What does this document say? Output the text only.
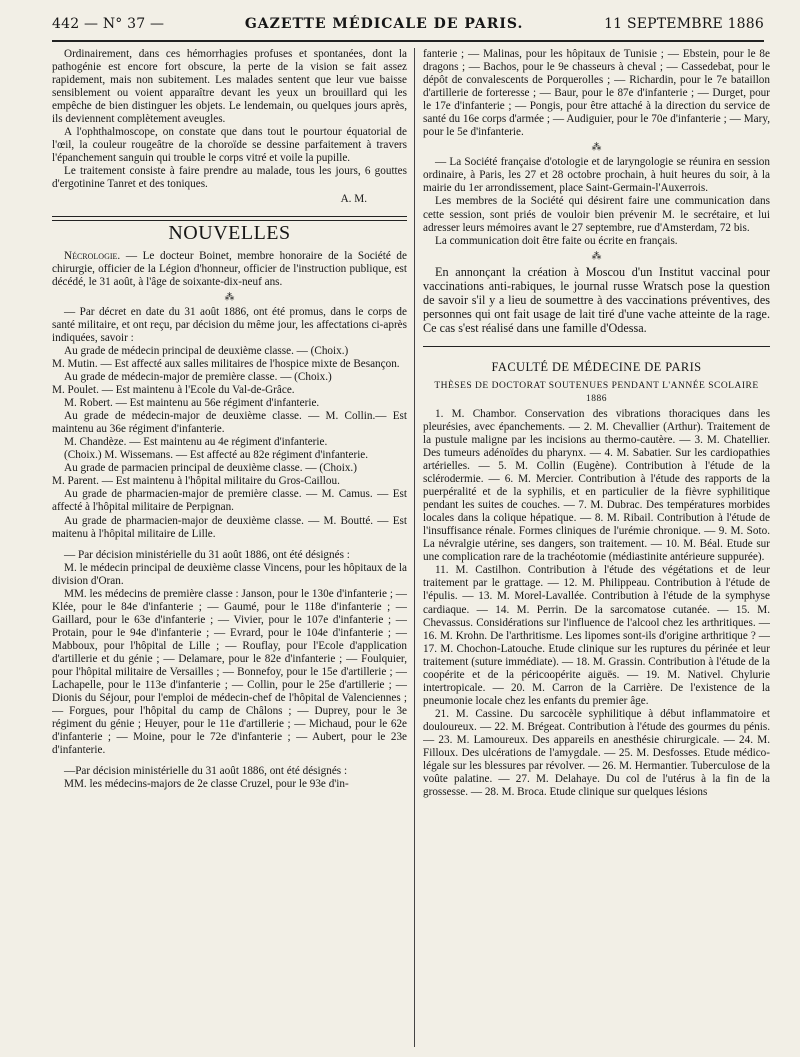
442 — N° 37 —	GAZETTE MÉDICALE DE PARIS.	11 SEPTEMBRE 1886

Ordinairement, dans ces hémorrhagies profuses et spontanées, dont la pathogénie est encore fort obscure, la perte de la vision se fait assez rapidement, mais non subitement. Les malades sentent que leur vue baisse sensiblement ou voient apparaître devant les yeux un brouillard qui les empêche de bien distinguer les objets. Le lendemain, ou quelques jours après, ils deviennent complètement aveugles.

A l'ophthalmoscope, on constate que dans tout le pourtour équatorial de l'œil, la couleur rougeâtre de la choroïde se dessine parfaitement à travers l'épanchement sanguin qui trouble le corps vitré et voile la pupille.

Le traitement consiste à faire prendre au malade, tous les jours, 6 gouttes d'ergotinine Tanret et des toniques.

A. M.
NOUVELLES

Nécrologie. — Le docteur Boinet, membre honoraire de la Société de chirurgie, officier de la Légion d'honneur, officier de l'instruction publique, est décédé, le 31 août, à l'âge de soixante-dix-neuf ans.

⁂

— Par décret en date du 31 août 1886, ont été promus, dans le corps de santé militaire, et ont reçu, par décision du même jour, les affectations ci-après indiquées, savoir :

Au grade de médecin principal de deuxième classe. — (Choix.)

M. Mutin. — Est affecté aux salles militaires de l'hospice mixte de Besançon.

Au grade de médecin-major de première classe. — (Choix.)

M. Poulet. — Est maintenu à l'Ecole du Val-de-Grâce.

M. Robert. — Est maintenu au 56e régiment d'infanterie.

Au grade de médecin-major de deuxième classe. — M. Collin.— Est maintenu au 36e régiment d'infanterie.

M. Chandèze. — Est maintenu au 4e régiment d'infanterie.

(Choix.) M. Wissemans. — Est affecté au 82e régiment d'infanterie.

Au grade de parmacien principal de deuxième classe. — (Choix.)

M. Parent. — Est maintenu à l'hôpital militaire du Gros-Caillou.

Au grade de pharmacien-major de première classe. — M. Camus. — Est affecté à l'hôpital militaire de Perpignan.

Au grade de pharmacien-major de deuxième classe. — M. Boutté. — Est maitenu à l'hôpital militaire de Lille.

— Par décision ministérielle du 31 août 1886, ont été désignés :

M. le médecin principal de deuxième classe Vincens, pour les hôpitaux de la division d'Oran.

MM. les médecins de première classe : Janson, pour le 130e d'infanterie ; — Klée, pour le 84e d'infanterie ; — Gaumé, pour le 118e d'infanterie ; — Gaillard, pour le 63e d'infanterie ; — Vivier, pour le 107e d'infanterie ; — Protain, pour le 94e d'infanterie ; — Evrard, pour le 104e d'infanterie ; — Mabboux, pour l'hôpital de Lille ; — Rouflay, pour l'Ecole d'application d'artillerie et du génie ; — Delamare, pour le 82e d'infanterie ; — Foulquier, pour l'hôpital militaire de Versailles ; — Bonnefoy, pour le 15e d'artillerie ; — Lachapelle, pour le 113e d'infanterie ; — Collin, pour le 25e d'artillerie ; — Dionis du Séjour, pour l'emploi de médecin-chef de l'hôpital de Valenciennes ; — Forgues, pour l'hôpital du camp de Châlons ; — Duprey, pour le 3e régiment du génie ; Heuyer, pour le 11e d'artillerie ; — Michaud, pour le 62e d'infanterie ; — Moine, pour le 72e d'infanterie ; — Aubert, pour le 23e d'infanterie.

—Par décision ministérielle du 31 août 1886, ont été désignés :

MM. les médecins-majors de 2e classe Cruzel, pour le 93e d'in-

fanterie ; — Malinas, pour les hôpitaux de Tunisie ; — Ebstein, pour le 8e dragons ; — Bachos, pour le 9e chasseurs à cheval ; — Cassedebat, pour le dépôt de convalescents de Porquerolles ; — Richardin, pour le 7e bataillon d'artillerie de forteresse ; — Baur, pour le 87e d'infanterie ; — Durget, pour le 17e d'infanterie ; — Pongis, pour être attaché à la direction du service de santé du 16e corps d'armée ; — Audiguier, pour le 70e d'infanterie ; — Mary, pour le 5e d'infanterie.

⁂

— La Société française d'otologie et de laryngologie se réunira en session ordinaire, à Paris, les 27 et 28 octobre prochain, à huit heures du soir, à la mairie du 1er arrondissement, place Saint-Germain-l'Auxerrois.

Les membres de la Société qui désirent faire une communication dans cette session, sont priés de vouloir bien prévenir M. le secrétaire, et lui adresser leurs mémoires avant le 27 septembre, rue d'Amsterdam, 72 bis.

La communication doit être faite ou écrite en français.

⁂

En annonçant la création à Moscou d'un Institut vaccinal pour vaccinations anti-rabiques, le journal russe Wratsch pose la question de savoir s'il y a lieu de soumettre à des vaccinations préventives, des personnes qui ont fait usage de lait tiré d'une vache atteinte de la rage. Ce cas s'est réalisé dans une famille d'Odessa.

FACULTÉ DE MÉDECINE DE PARIS
THÈSES DE DOCTORAT SOUTENUES PENDANT L'ANNÉE SCOLAIRE 1886

1. M. Chambor. Conservation des vibrations thoraciques dans les pleurésies, avec épanchements. — 2. M. Chevallier (Arthur). Traitement de la pustule maligne par les incisions au thermo-cautère. — 3. M. Chatellier. Des tumeurs adénoïdes du pharynx. — 4. M. Sabatier. Sur les cardiopathies artérielles. — 5. M. Collin (Eugène). Contribution à l'étude de la sclérodermie. — 6. M. Mercier. Contribution à l'étude des rapports de la puerpéralité et de la syphilis, et en particulier de la fièvre syphilitique pendant les suites de couches. — 7. M. Dubrac. Des températures morbides locales dans la colique hépatique. — 8. M. Ribail. Contribution à l'étude de l'insuffisance rénale. Formes cliniques de l'urémie chronique. — 9. M. Soto. La névralgie utérine, ses dangers, son traitement. — 10. M. Béal. Etude sur une complication rare de la trachéotomie (médiastinite antérieure suppurée).

11. M. Castilhon. Contribution à l'étude des végétations et de leur traitement par le grattage. — 12. M. Philippeau. Contribution à l'étude de l'épulis. — 13. M. Morel-Lavallée. Contribution à l'étude de la symphyse cardiaque. — 14. M. Perrin. De la sarcomatose cutanée. — 15. M. Chevassus. Considérations sur l'influence de l'alcool chez les arthritiques. — 16. M. Krohn. De l'arthritisme. Les lipomes sont-ils d'origine arthritique ? — 17. M. Chochon-Latouche. Etude clinique sur les ruptures du périnée et leur traitement (suture immédiate). — 18. M. Grassin. Contribution à l'étude de la coopérite et de la péricoopérite aiguës. — 19. M. Nativel. Chylurie intertropicale. — 20. M. Carron de la Carrière. De l'existence de la pneumonie locale chez les enfants du premier âge.

21. M. Cassine. Du sarcocèle syphilitique à début inflammatoire et douloureux. — 22. M. Brégeat. Contribution à l'étude des gourmes du pénis. — 23. M. Lamoureux. Des appareils en anesthésie chirurgicale. — 24. M. Filloux. Des ulcérations de l'amygdale. — 25. M. Desfosses. Etude médico-légale sur les blessures par révolver. — 26. M. Hermantier. Tuberculose de la voûte palatine. — 27. M. Delahaye. Du col de l'utérus à la fin de la grossesse. — 28. M. Broca. Etude clinique sur quelques lésions
